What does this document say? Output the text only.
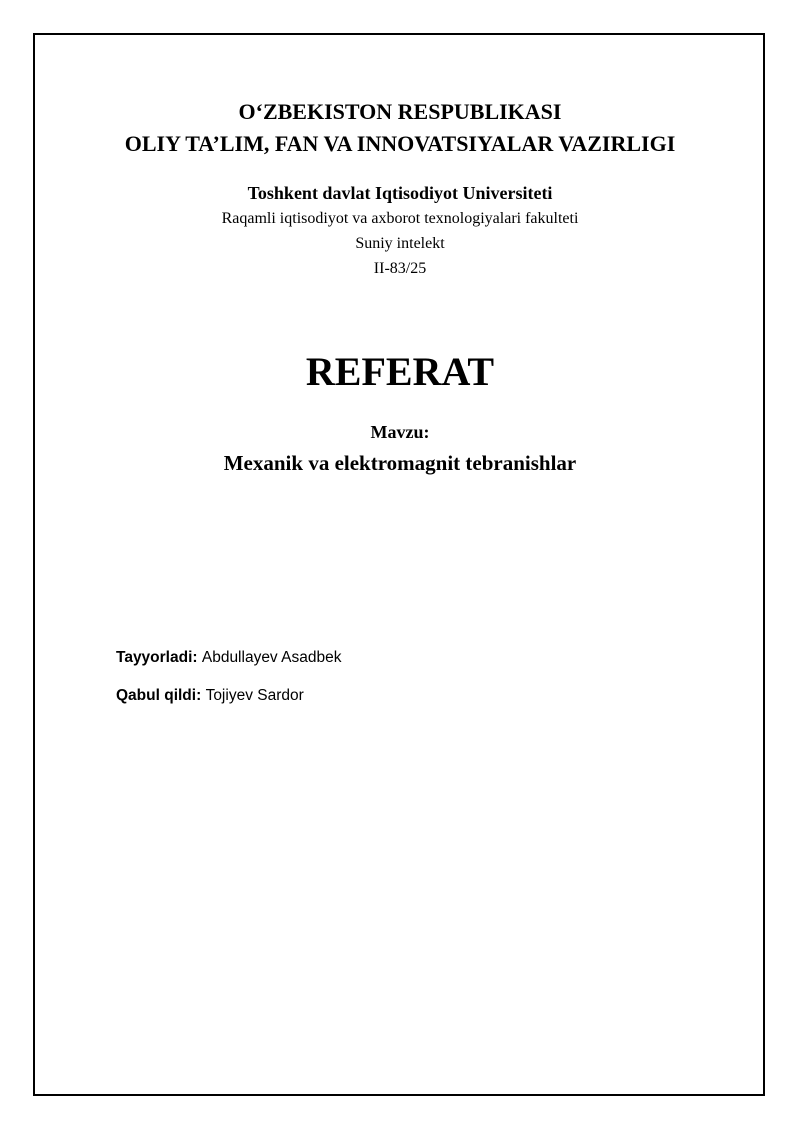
O‘ZBEKISTON RESPUBLIKASI
OLIY TA’LIM, FAN VA INNOVATSIYALAR VAZIRLIGI
Toshkent davlat Iqtisodiyot Universiteti
Raqamli iqtisodiyot va axborot texnologiyalari fakulteti
Suniy intelekt
II-83/25
REFERAT
Mavzu:
Mexanik va elektromagnit tebranishlar
Tayyorladi: Abdullayev Asadbek
Qabul qildi: Tojiyev Sardor
